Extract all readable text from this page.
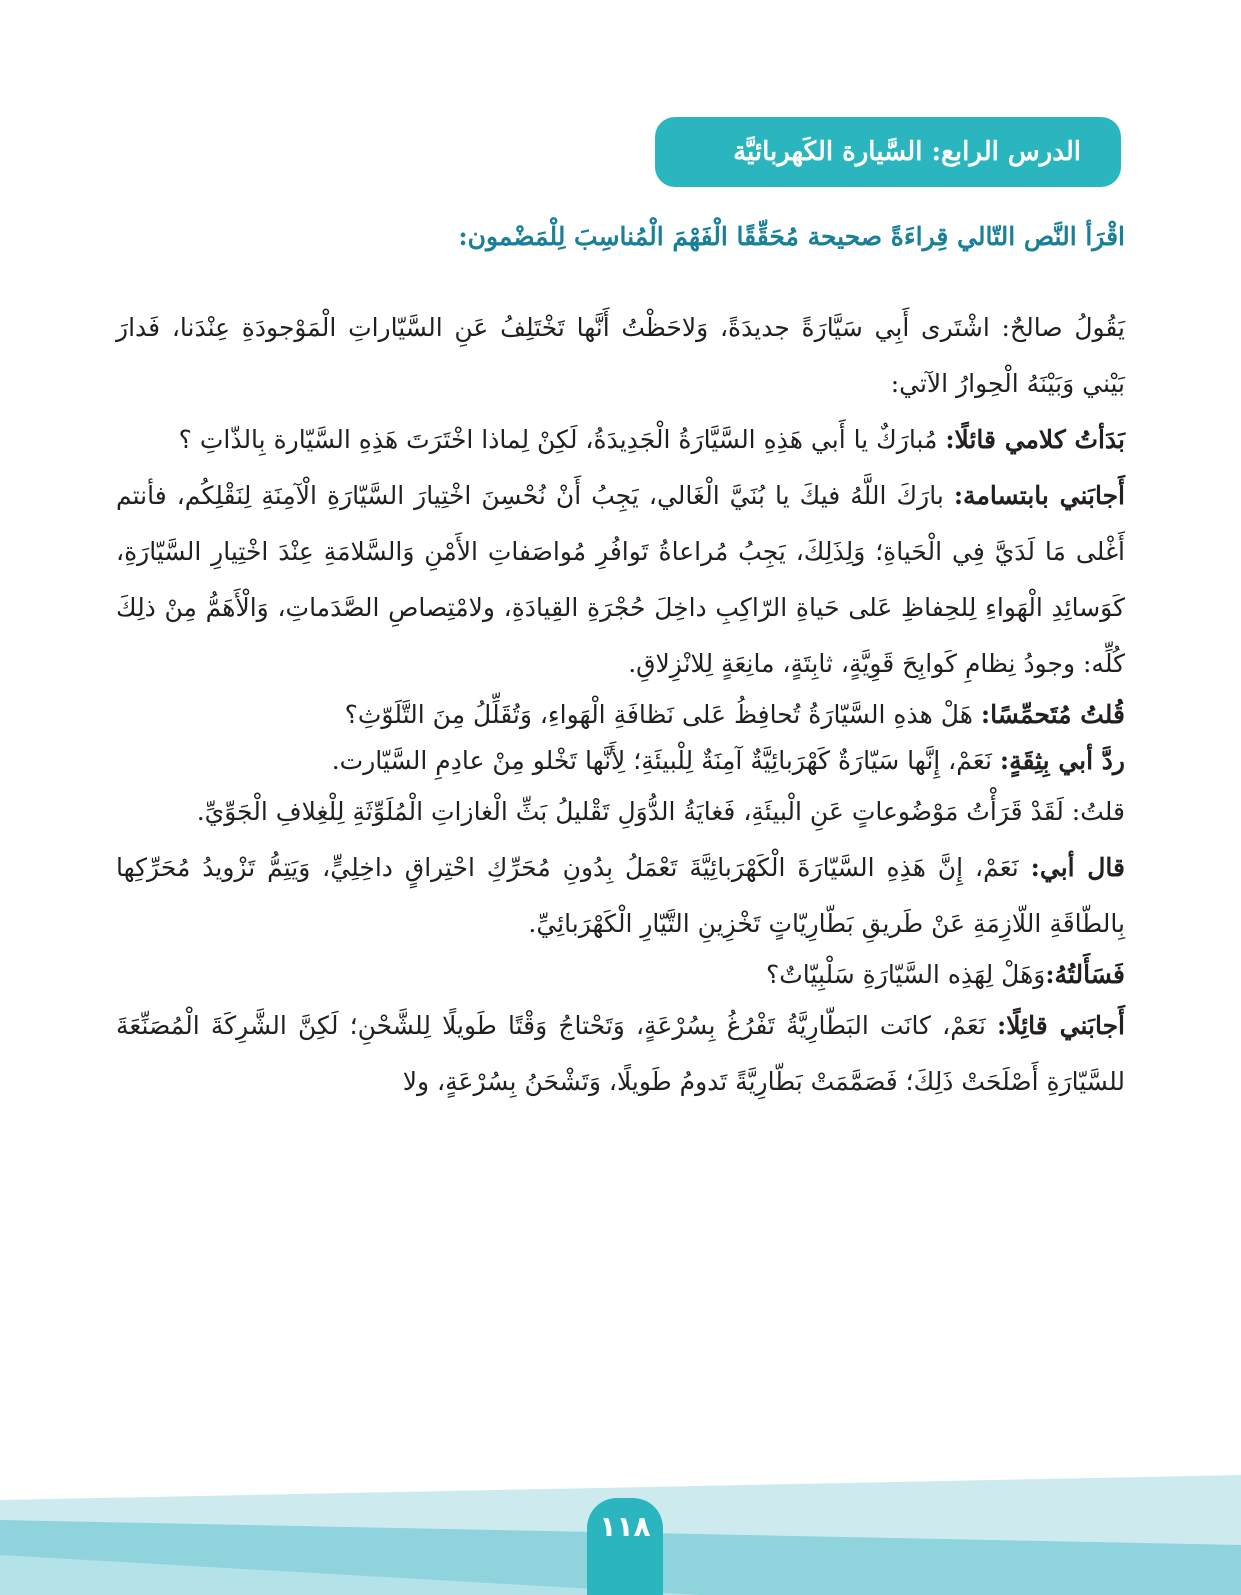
الدرس الرابع: السَّيارة الكَهربائيَّة
اقْرَأ النَّص التّالي قِراءَةً صحيحة مُحَقِّقًا الْفَهْمَ الْمُناسِبَ لِلْمَضْمون:

يَقُولُ صالحٌ: اشْتَرى أَبِي سَيَّارَةً جديدَةً، وَلاحَظْتُ أَنَّها تَخْتَلِفُ عَنِ السَّيّاراتِ الْمَوْجودَةِ عِنْدَنا، فَدارَ بَيْني وَبَيْنَهُ الْحِوارُ الآتي:

بَدَأتُ كلامي قائلًا: مُبارَكٌ يا أَبي هَذِهِ السَّيَّارَةُ الْجَدِيدَةُ، لَكِنْ لِماذا اخْتَرَتَ هَذِهِ السَّيّارة بِالذّاتِ ؟

أَجابَني بابتسامة: بارَكَ اللَّهُ فيكَ يا بُنَيَّ الْغَالي، يَجِبُ أَنْ نُحْسِنَ اخْتِيارَ السَّيّارَةِ الْآمِنَةِ لِنَقْلِكُم، فأنتم أَغْلى مَا لَدَيَّ فِي الْحَياةِ؛ وَلِذَلِكَ، يَجِبُ مُراعاةُ تَوافُرِ مُواصَفاتِ الأَمْنِ وَالسَّلامَةِ عِنْدَ اخْتِيارِ السَّيّارَةِ، كَوَسائِدِ الْهَواءِ لِلحِفاظِ عَلى حَياةِ الرّاكِبِ داخِلَ حُجْرَةِ القِيادَةِ، ولامْتِصاصِ الصَّدَماتِ، وَالْأَهَمُّ مِنْ ذلِكَ كُلِّه: وجودُ نِظامِ كَوابِحَ قَوِيَّةٍ، ثابِتَةٍ، مانِعَةٍ لِلانْزِلاقِ.

قُلتُ مُتَحمِّسًا: هَلْ هذهِ السَّيّارَةُ تُحافِظُ عَلى نَظافَةِ الْهَواءِ، وَتُقَلِّلُ مِنَ التَّلَوّثِ؟

ردَّ أبي بِثِقَةٍ: نَعَمْ، إِنَّها سَيّارَةٌ كَهْرَبائِيَّةٌ آمِنَةٌ لِلْبيئَةِ؛ لِأَنَّها تَخْلو مِنْ عادِمِ السَّيّارت.

قلتُ: لَقَدْ قَرَأْتُ مَوْضُوعاتٍ عَنِ الْبيئَةِ، فَغايَةُ الدُّوَلِ تَقْليلُ بَثِّ الْغازاتِ الْمُلَوِّثَةِ لِلْغِلافِ الْجَوِّيِّ.

قال أبي: نَعَمْ، إِنَّ هَذِهِ السَّيّارَةَ الْكَهْرَبائِيَّةَ تَعْمَلُ بِدُونِ مُحَرِّكِ احْتِراقٍ داخِلِيٍّ، وَيَتِمُّ تَزْويدُ مُحَرِّكِها بِالطّاقَةِ اللّازِمَةِ عَنْ طَريقِ بَطّارِيّاتٍ تَخْزِينِ التَّيّارِ الْكَهْرَبائِيِّ.

فَسَأَلتُهُ:وَهَلْ لِهَذِه السَّيّارَةِ سَلْبِيّاتٌ؟

أَجابَني قائِلًا: نَعَمْ، كانَت البَطّارِيَّةُ تَفْرُغُ بِسُرْعَةٍ، وَتَحْتاجُ وَقْتًا طَويلًا لِلشَّحْنِ؛ لَكِنَّ الشَّرِكَةَ الْمُصَنِّعَةَ للسَّيّارَةِ أَصْلَحَتْ ذَلِكَ؛ فَصَمَّمَتْ بَطّارِيَّةً تَدومُ طَويلًا، وَتَشْحَنُ بِسُرْعَةٍ، ولا

١١٨
